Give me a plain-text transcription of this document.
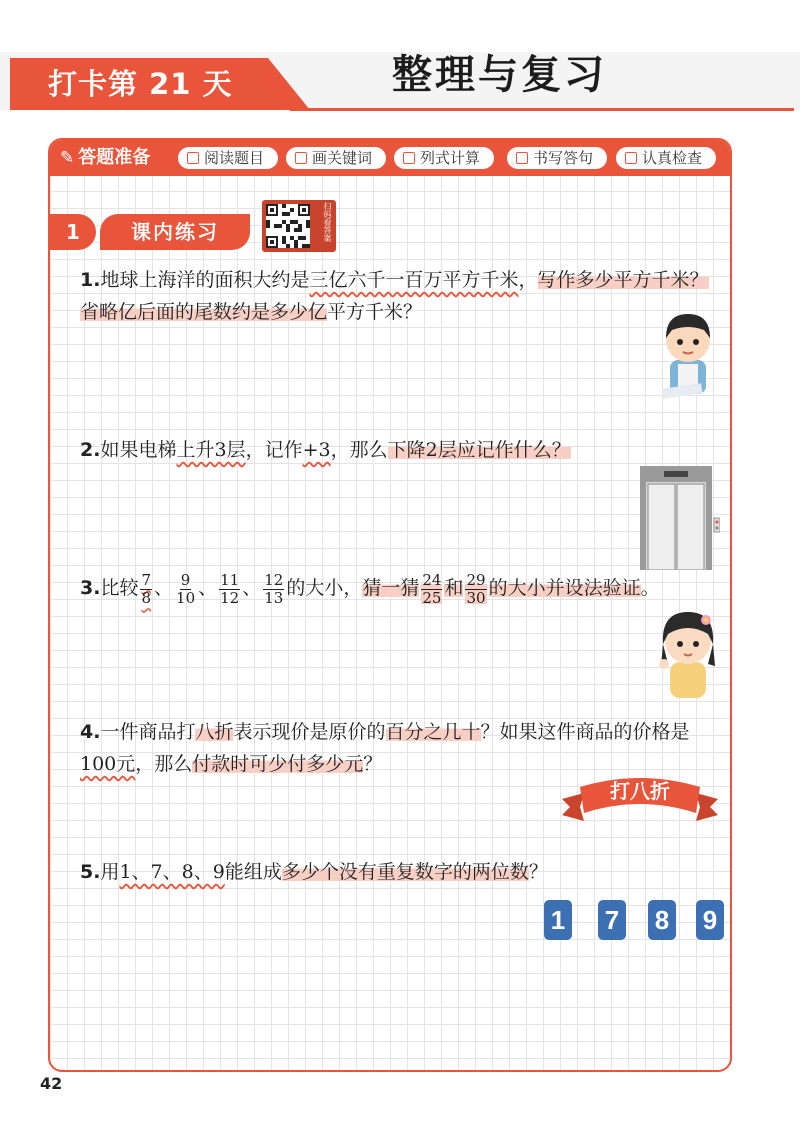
打卡第 21 天	整理与复习
✎ 答题准备	阅读题目	画关键词	列式计算	书写答句	认真检查
1	课内练习	扫码看答案
1.地球上海洋的面积大约是三亿六千一百万平方千米，写作多少平方千米？省略亿后面的尾数约是多少亿平方千米？
2.如果电梯上升3层，记作+3，那么下降2层应记作什么？
3.比较 $\frac{7}{8}$ 、 $\frac{9}{10}$ 、 $\frac{11}{12}$ 、 $\frac{12}{13}$ 的大小，猜一猜 $\frac{24}{25}$ 和 $\frac{29}{30}$ 的大小并设法验证。
4.一件商品打八折表示现价是原价的百分之几十？如果这件商品的价格是100元，那么付款时可少付多少元？
5.用1、7、8、9能组成多少个没有重复数字的两位数？
打八折
1 7 8 9
42
